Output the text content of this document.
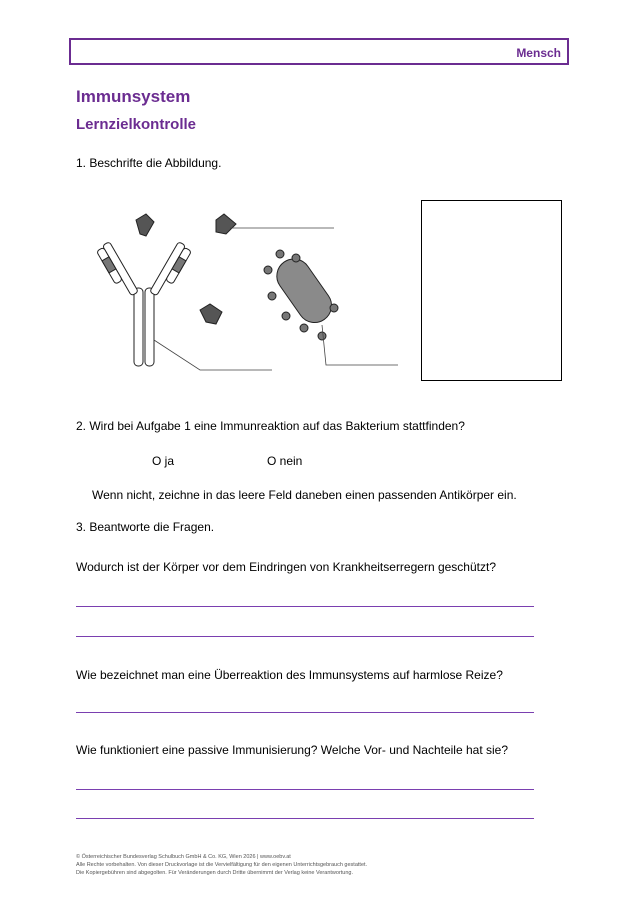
Mensch
Immunsystem
Lernzielkontrolle
1. Beschrifte die Abbildung.
2. Wird bei Aufgabe 1 eine Immunreaktion auf das Bakterium stattfinden?
O ja	O nein
Wenn nicht, zeichne in das leere Feld daneben einen passenden Antikörper ein.
3. Beantworte die Fragen.
Wodurch ist der Körper vor dem Eindringen von Krankheitserregern geschützt?
Wie bezeichnet man eine Überreaktion des Immunsystems auf harmlose Reize?
Wie funktioniert eine passive Immunisierung? Welche Vor- und Nachteile hat sie?
© Österreichischer Bundesverlag Schulbuch GmbH & Co. KG, Wien 2026 | www.oebv.at
Alle Rechte vorbehalten. Von dieser Druckvorlage ist die Vervielfältigung für den eigenen Unterrichtsgebrauch gestattet.
Die Kopiergebühren sind abgegolten. Für Veränderungen durch Dritte übernimmt der Verlag keine Verantwortung.
